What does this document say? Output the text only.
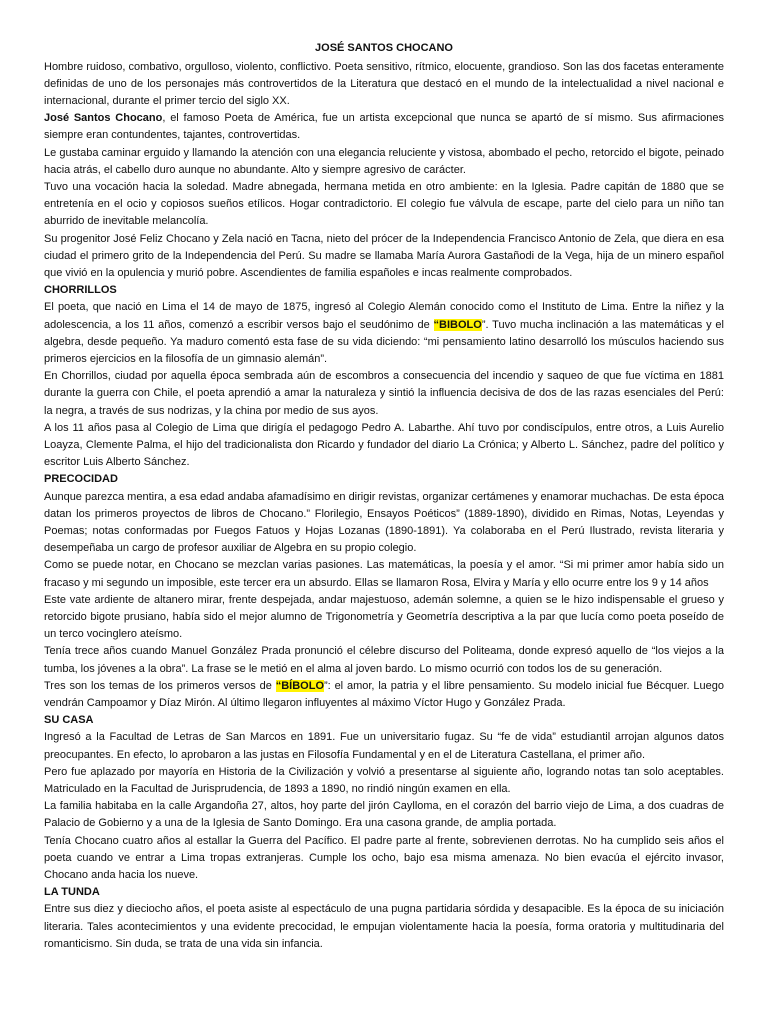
JOSÉ SANTOS CHOCANO

Hombre ruidoso, combativo, orgulloso, violento, conflictivo. Poeta sensitivo, rítmico, elocuente, grandioso. Son las dos facetas enteramente definidas de uno de los personajes más controvertidos de la Literatura que destacó en el mundo de la intelectualidad a nivel nacional e internacional, durante el primer tercio del siglo XX.

José Santos Chocano, el famoso Poeta de América, fue un artista excepcional que nunca se apartó de sí mismo. Sus afirmaciones siempre eran contundentes, tajantes, controvertidas.

Le gustaba caminar erguido y llamando la atención con una elegancia reluciente y vistosa, abombado el pecho, retorcido el bigote, peinado hacia atrás, el cabello duro aunque no abundante. Alto y siempre agresivo de carácter.

Tuvo una vocación hacia la soledad. Madre abnegada, hermana metida en otro ambiente: en la Iglesia. Padre capitán de 1880 que se entretenía en el ocio y copiosos sueños etílicos. Hogar contradictorio. El colegio fue válvula de escape, parte del cielo para un niño tan aburrido de inevitable melancolía.

Su progenitor José Feliz Chocano y Zela nació en Tacna, nieto del prócer de la Independencia Francisco Antonio de Zela, que diera en esa ciudad el primero grito de la Independencia del Perú. Su madre se llamaba María Aurora Gastañodi de la Vega, hija de un minero español que vivió en la opulencia y murió pobre. Ascendientes de familia españoles e incas realmente comprobados.

CHORRILLOS

El poeta, que nació en Lima el 14 de mayo de 1875, ingresó al Colegio Alemán conocido como el Instituto de Lima. Entre la niñez y la adolescencia, a los 11 años, comenzó a escribir versos bajo el seudónimo de “BIBOLO”. Tuvo mucha inclinación a las matemáticas y el algebra, desde pequeño. Ya maduro comentó esta fase de su vida diciendo: “mi pensamiento latino desarrolló los músculos haciendo sus primeros ejercicios en la filosofía de un gimnasio alemán”.

En Chorrillos, ciudad por aquella época sembrada aún de escombros a consecuencia del incendio y saqueo de que fue víctima en 1881 durante la guerra con Chile, el poeta aprendió a amar la naturaleza y sintió la influencia decisiva de dos de las razas esenciales del Perú: la negra, a través de sus nodrizas, y la china por medio de sus ayos.

A los 11 años pasa al Colegio de Lima que dirigía el pedagogo Pedro A. Labarthe. Ahí tuvo por condiscípulos, entre otros, a Luis Aurelio Loayza, Clemente Palma, el hijo del tradicionalista don Ricardo y fundador del diario La Crónica; y Alberto L. Sánchez, padre del político y escritor Luis Alberto Sánchez.

PRECOCIDAD

Aunque parezca mentira, a esa edad andaba afamadísimo en dirigir revistas, organizar certámenes y enamorar muchachas. De esta época datan los primeros proyectos de libros de Chocano.” Florilegio, Ensayos Poéticos” (1889-1890), dividido en Rimas, Notas, Leyendas y Poemas; notas conformadas por Fuegos Fatuos y Hojas Lozanas (1890-1891). Ya colaboraba en el Perú Ilustrado, revista literaria y desempeñaba un cargo de profesor auxiliar de Algebra en su propio colegio.

Como se puede notar, en Chocano se mezclan varias pasiones. Las matemáticas, la poesía y el amor. “Si mi primer amor había sido un fracaso y mi segundo un imposible, este tercer era un absurdo. Ellas se llamaron Rosa, Elvira y María y ello ocurre entre los 9 y 14 años

Este vate ardiente de altanero mirar, frente despejada, andar majestuoso, ademán solemne, a quien se le hizo indispensable el grueso y retorcido bigote prusiano, había sido el mejor alumno de Trigonometría y Geometría descriptiva a la par que lucía como poeta poseído de un terco vocinglero ateísmo.

Tenía trece años cuando Manuel González Prada pronunció el célebre discurso del Politeama, donde expresó aquello de “los viejos a la tumba, los jóvenes a la obra”. La frase se le metió en el alma al joven bardo. Lo mismo ocurrió con todos los de su generación.

Tres son los temas de los primeros versos de “BÍBOLO”: el amor, la patria y el libre pensamiento. Su modelo inicial fue Bécquer. Luego vendrán Campoamor y Díaz Mirón. Al último llegaron influyentes al máximo Víctor Hugo y González Prada.

SU CASA

Ingresó a la Facultad de Letras de San Marcos en 1891. Fue un universitario fugaz. Su “fe de vida” estudiantil arrojan algunos datos preocupantes. En efecto, lo aprobaron a las justas en Filosofía Fundamental y en el de Literatura Castellana, el primer año.

Pero fue aplazado por mayoría en Historia de la Civilización y volvió a presentarse al siguiente año, logrando notas tan solo aceptables. Matriculado en la Facultad de Jurisprudencia, de 1893 a 1890, no rindió ningún examen en ella.

La familia habitaba en la calle Argandoña 27, altos, hoy parte del jirón Caylloma, en el corazón del barrio viejo de Lima, a dos cuadras de Palacio de Gobierno y a una de la Iglesia de Santo Domingo. Era una casona grande, de amplia portada.

Tenía Chocano cuatro años al estallar la Guerra del Pacífico. El padre parte al frente, sobrevienen derrotas. No ha cumplido seis años el poeta cuando ve entrar a Lima tropas extranjeras. Cumple los ocho, bajo esa misma amenaza. No bien evacúa el ejército invasor, Chocano anda hacia los nueve.

LA TUNDA

Entre sus diez y dieciocho años, el poeta asiste al espectáculo de una pugna partidaria sórdida y desapacible. Es la época de su iniciación literaria. Tales acontecimientos y una evidente precocidad, le empujan violentamente hacia la poesía, forma oratoria y multitudinaria del romanticismo. Sin duda, se trata de una vida sin infancia.
